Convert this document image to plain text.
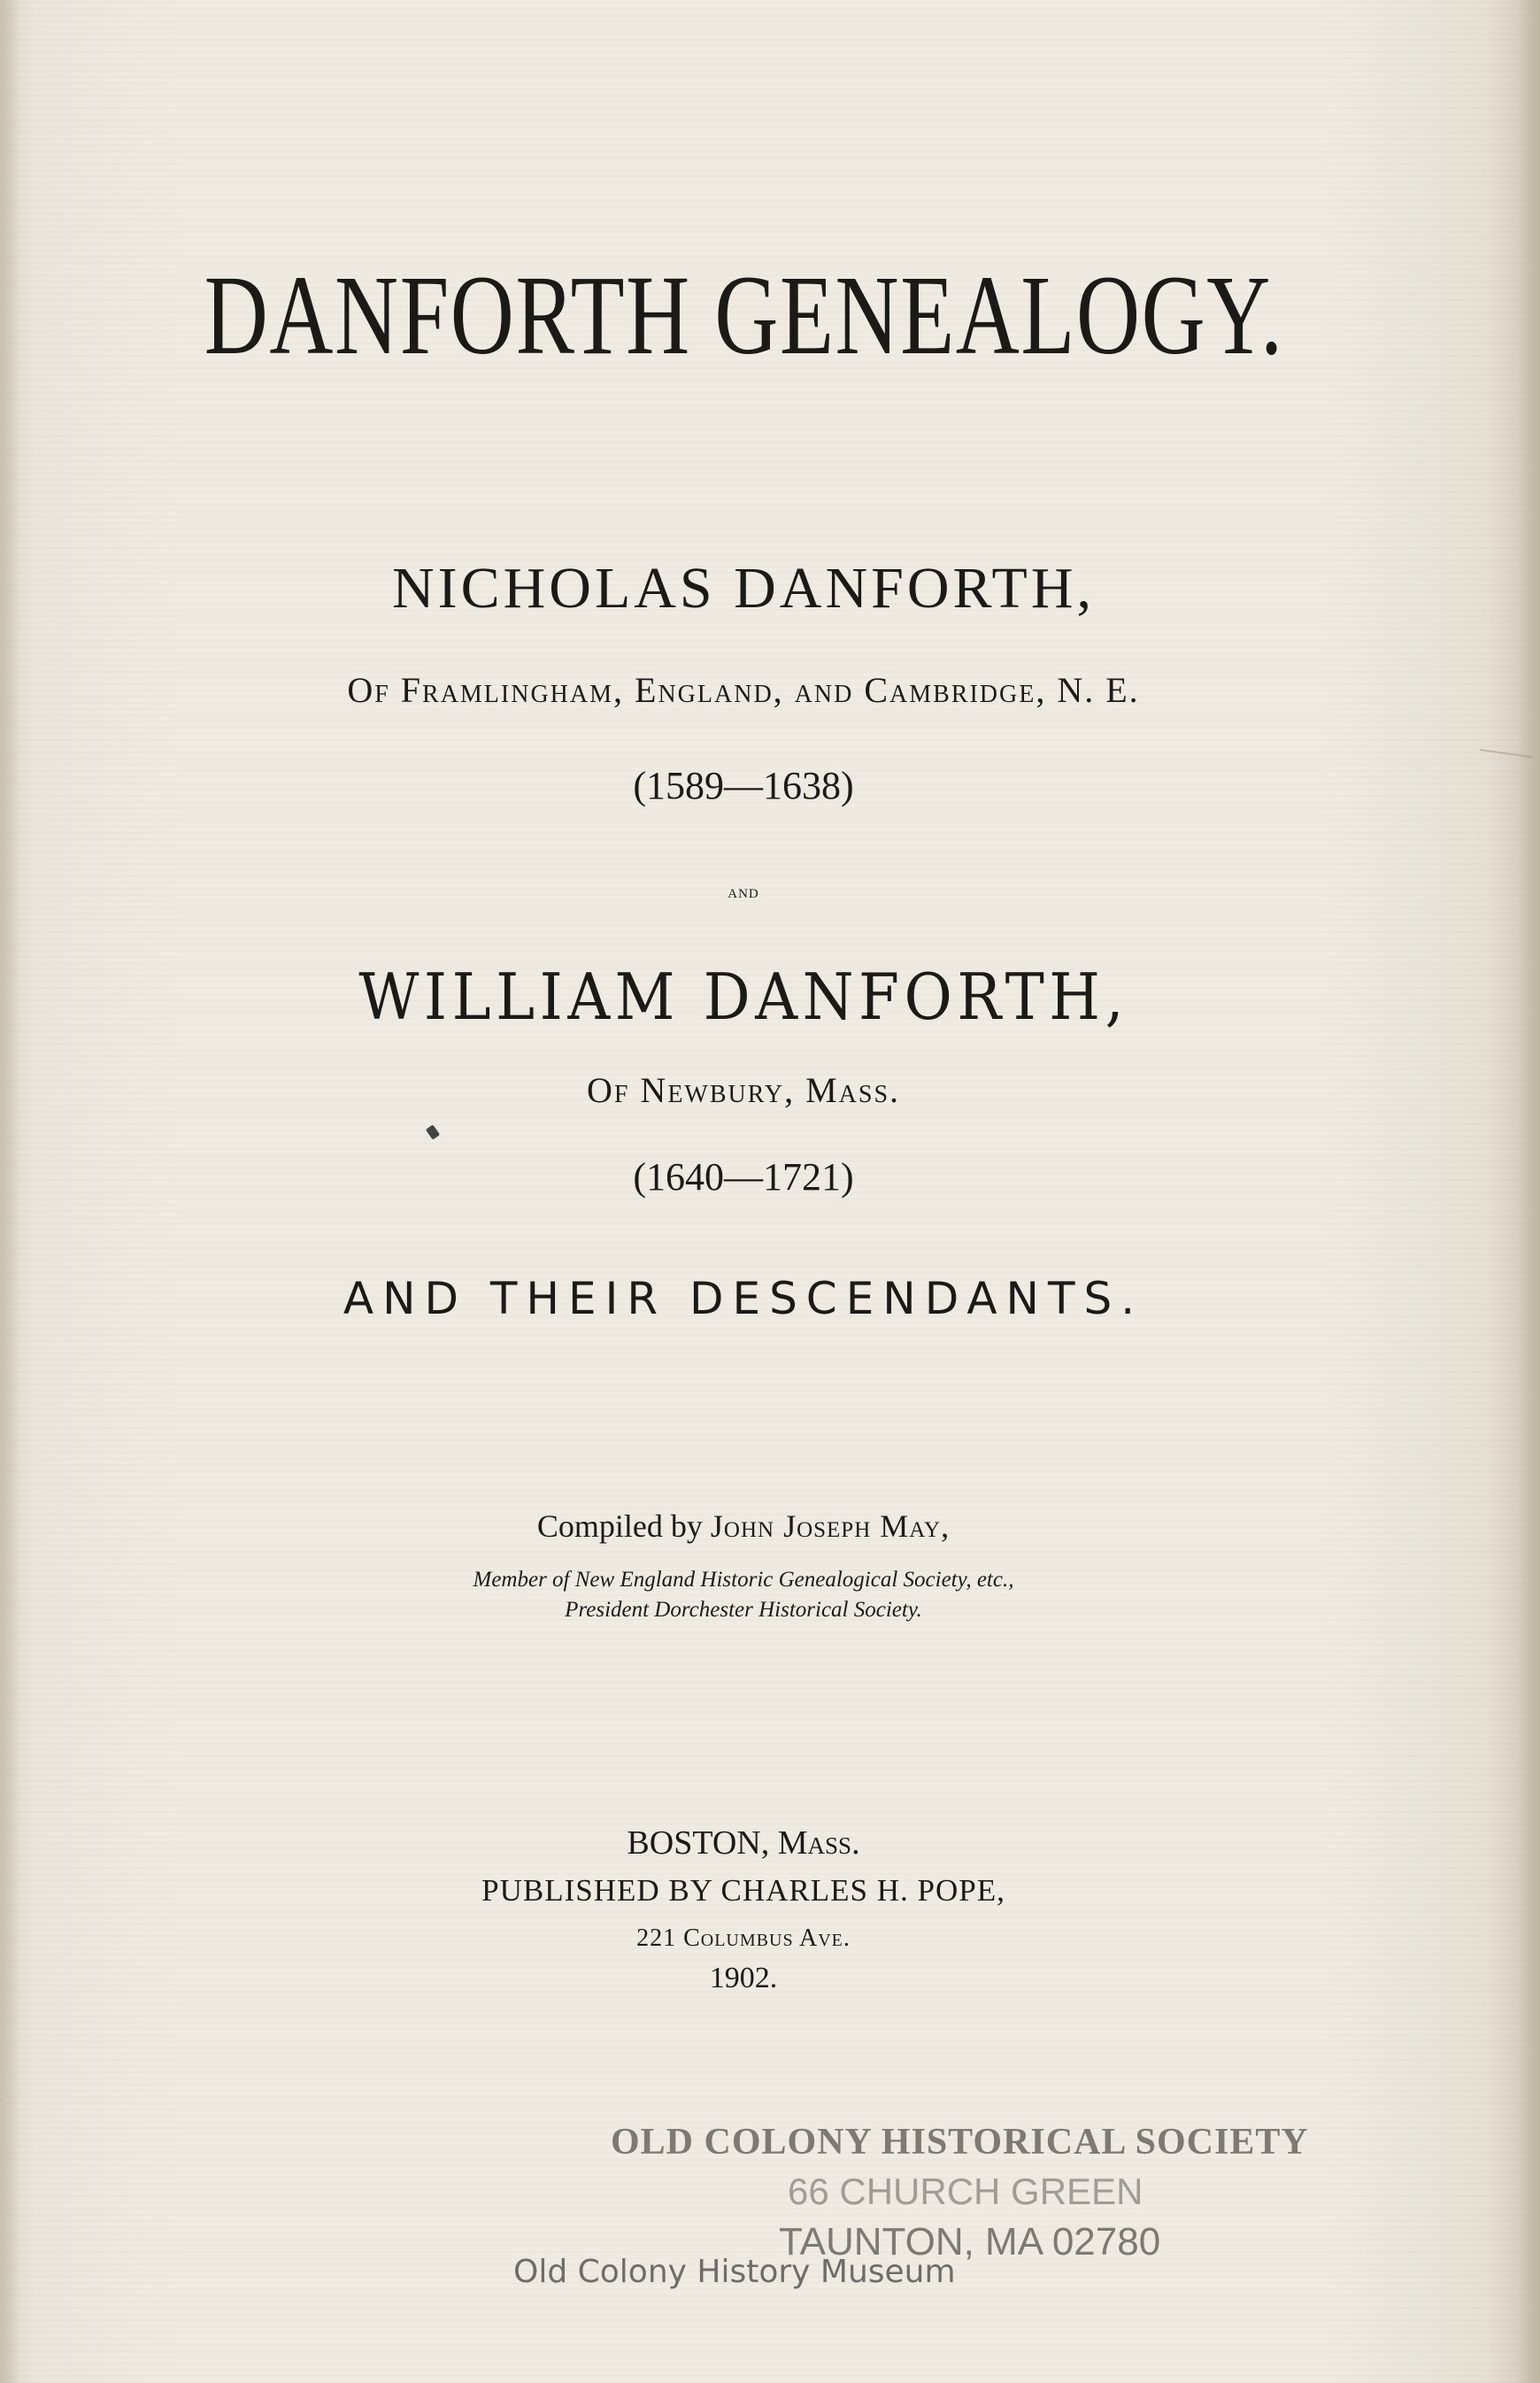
DANFORTH GENEALOGY.
NICHOLAS DANFORTH,
Of Framlingham, England, and Cambridge, N. E.
(1589—1638)
and
WILLIAM DANFORTH,
Of Newbury, Mass.
(1640—1721)
AND THEIR DESCENDANTS.
Compiled by John Joseph May,
Member of New England Historic Genealogical Society, etc.,
President Dorchester Historical Society.
BOSTON, Mass.
PUBLISHED BY CHARLES H. POPE,
221 Columbus Ave.
1902.
OLD COLONY HISTORICAL SOCIETY
66 CHURCH GREEN
TAUNTON, MA 02780
Old Colony History Museum
